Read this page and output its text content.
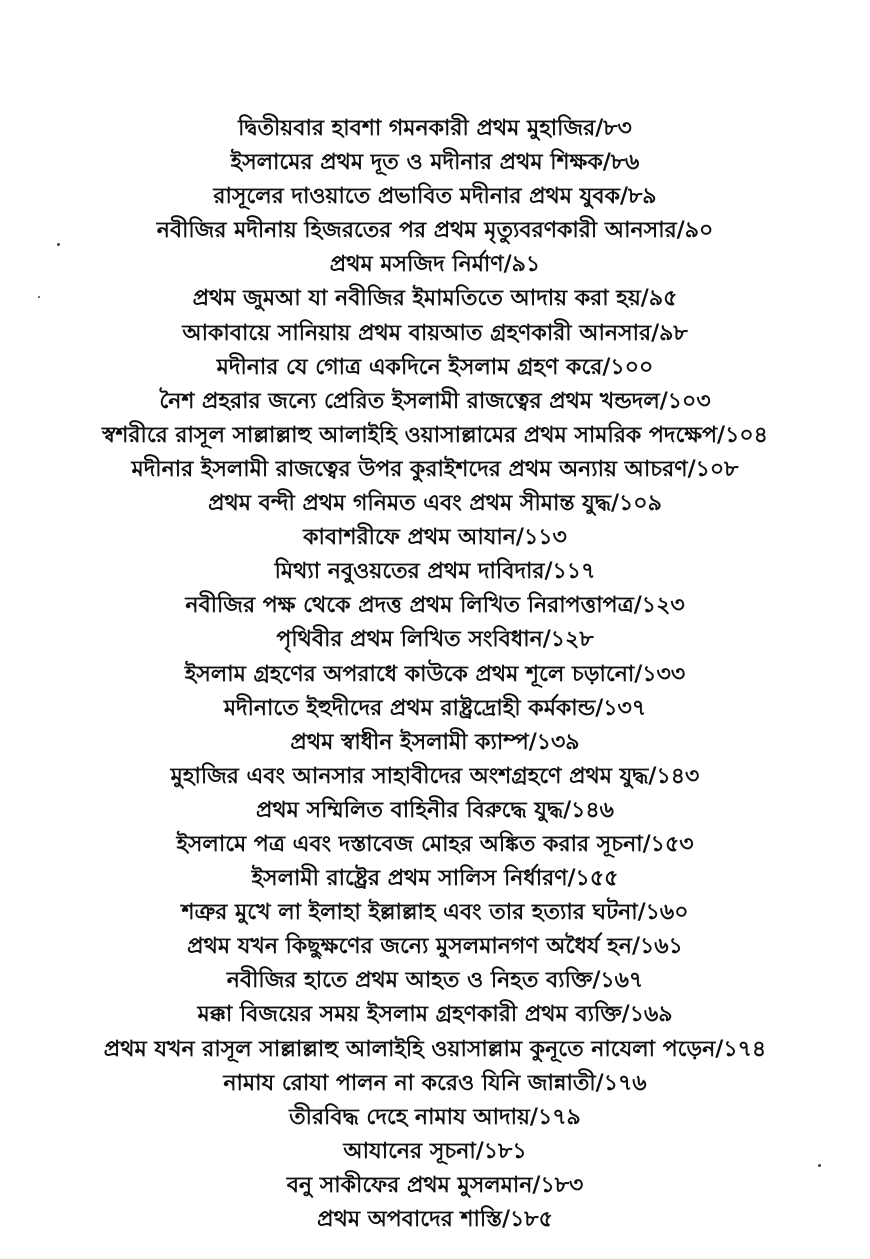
দ্বিতীয়বার হাবশা গমনকারী প্রথম মুহাজির/৮৩
ইসলামের প্রথম দূত ও মদীনার প্রথম শিক্ষক/৮৬
রাসূলের দাওয়াতে প্রভাবিত মদীনার প্রথম যুবক/৮৯
নবীজির মদীনায় হিজরতের পর প্রথম মৃত্যুবরণকারী আনসার/৯০
প্রথম মসজিদ নির্মাণ/৯১
প্রথম জুমআ যা নবীজির ইমামতিতে আদায় করা হয়/৯৫
আকাবায়ে সানিয়ায় প্রথম বায়আত গ্রহণকারী আনসার/৯৮
মদীনার যে গোত্র একদিনে ইসলাম গ্রহণ করে/১০০
নৈশ প্রহরার জন্যে প্রেরিত ইসলামী রাজত্বের প্রথম খন্ডদল/১০৩
স্বশরীরে রাসূল সাল্লাল্লাহু আলাইহি ওয়াসাল্লামের প্রথম সামরিক পদক্ষেপ/১০৪
মদীনার ইসলামী রাজত্বের উপর কুরাইশদের প্রথম অন্যায় আচরণ/১০৮
প্রথম বন্দী প্রথম গনিমত এবং প্রথম সীমান্ত যুদ্ধ/১০৯
কাবাশরীফে প্রথম আযান/১১৩
মিথ্যা নবুওয়তের প্রথম দাবিদার/১১৭
নবীজির পক্ষ থেকে প্রদত্ত প্রথম লিখিত নিরাপত্তাপত্র/১২৩
পৃথিবীর প্রথম লিখিত সংবিধান/১২৮
ইসলাম গ্রহণের অপরাধে কাউকে প্রথম শূলে চড়ানো/১৩৩
মদীনাতে ইহুদীদের প্রথম রাষ্ট্রদ্রোহী কর্মকান্ড/১৩৭
প্রথম স্বাধীন ইসলামী ক্যাম্প/১৩৯
মুহাজির এবং আনসার সাহাবীদের অংশগ্রহণে প্রথম যুদ্ধ/১৪৩
প্রথম সম্মিলিত বাহিনীর বিরুদ্ধে যুদ্ধ/১৪৬
ইসলামে পত্র এবং দস্তাবেজ মোহর অঙ্কিত করার সূচনা/১৫৩
ইসলামী রাষ্ট্রের প্রথম সালিস নির্ধারণ/১৫৫
শত্রুর মুখে লা ইলাহা ইল্লাল্লাহ এবং তার হত্যার ঘটনা/১৬০
প্রথম যখন কিছুক্ষণের জন্যে মুসলমানগণ অধৈর্য হন/১৬১
নবীজির হাতে প্রথম আহত ও নিহত ব্যক্তি/১৬৭
মক্কা বিজয়ের সময় ইসলাম গ্রহণকারী প্রথম ব্যক্তি/১৬৯
প্রথম যখন রাসূল সাল্লাল্লাহু আলাইহি ওয়াসাল্লাম কুনূতে নাযেলা পড়েন/১৭৪
নামায রোযা পালন না করেও যিনি জান্নাতী/১৭৬
তীরবিদ্ধ দেহে নামায আদায়/১৭৯
আযানের সূচনা/১৮১
বনু সাকীফের প্রথম মুসলমান/১৮৩
প্রথম অপবাদের শাস্তি/১৮৫
